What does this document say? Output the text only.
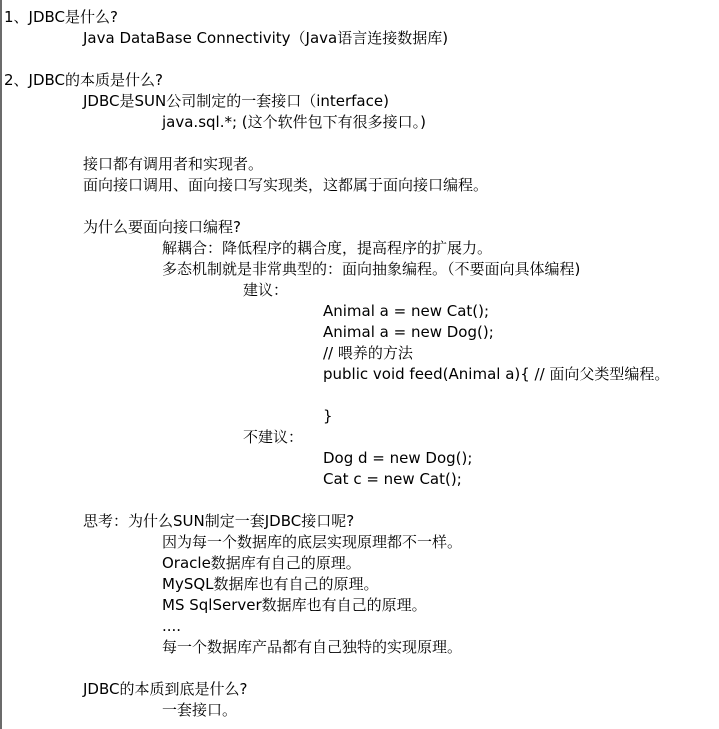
1、JDBC是什么?
Java DataBase Connectivity（Java语言连接数据库)
2、JDBC的本质是什么?
JDBC是SUN公司制定的一套接口（interface)
java.sql.*; (这个软件包下有很多接口。)
接口都有调用者和实现者。
面向接口调用、面向接口写实现类，这都属于面向接口编程。
为什么要面向接口编程?
解耦合：降低程序的耦合度，提高程序的扩展力。
多态机制就是非常典型的：面向抽象编程。（不要面向具体编程)
建议：
Animal a = new Cat();
Animal a = new Dog();
// 喂养的方法
public void feed(Animal a){ // 面向父类型编程。
}
不建议：
Dog d = new Dog();
Cat c = new Cat();
思考：为什么SUN制定一套JDBC接口呢?
因为每一个数据库的底层实现原理都不一样。
Oracle数据库有自己的原理。
MySQL数据库也有自己的原理。
MS SqlServer数据库也有自己的原理。
....
每一个数据库产品都有自己独特的实现原理。
JDBC的本质到底是什么?
一套接口。
